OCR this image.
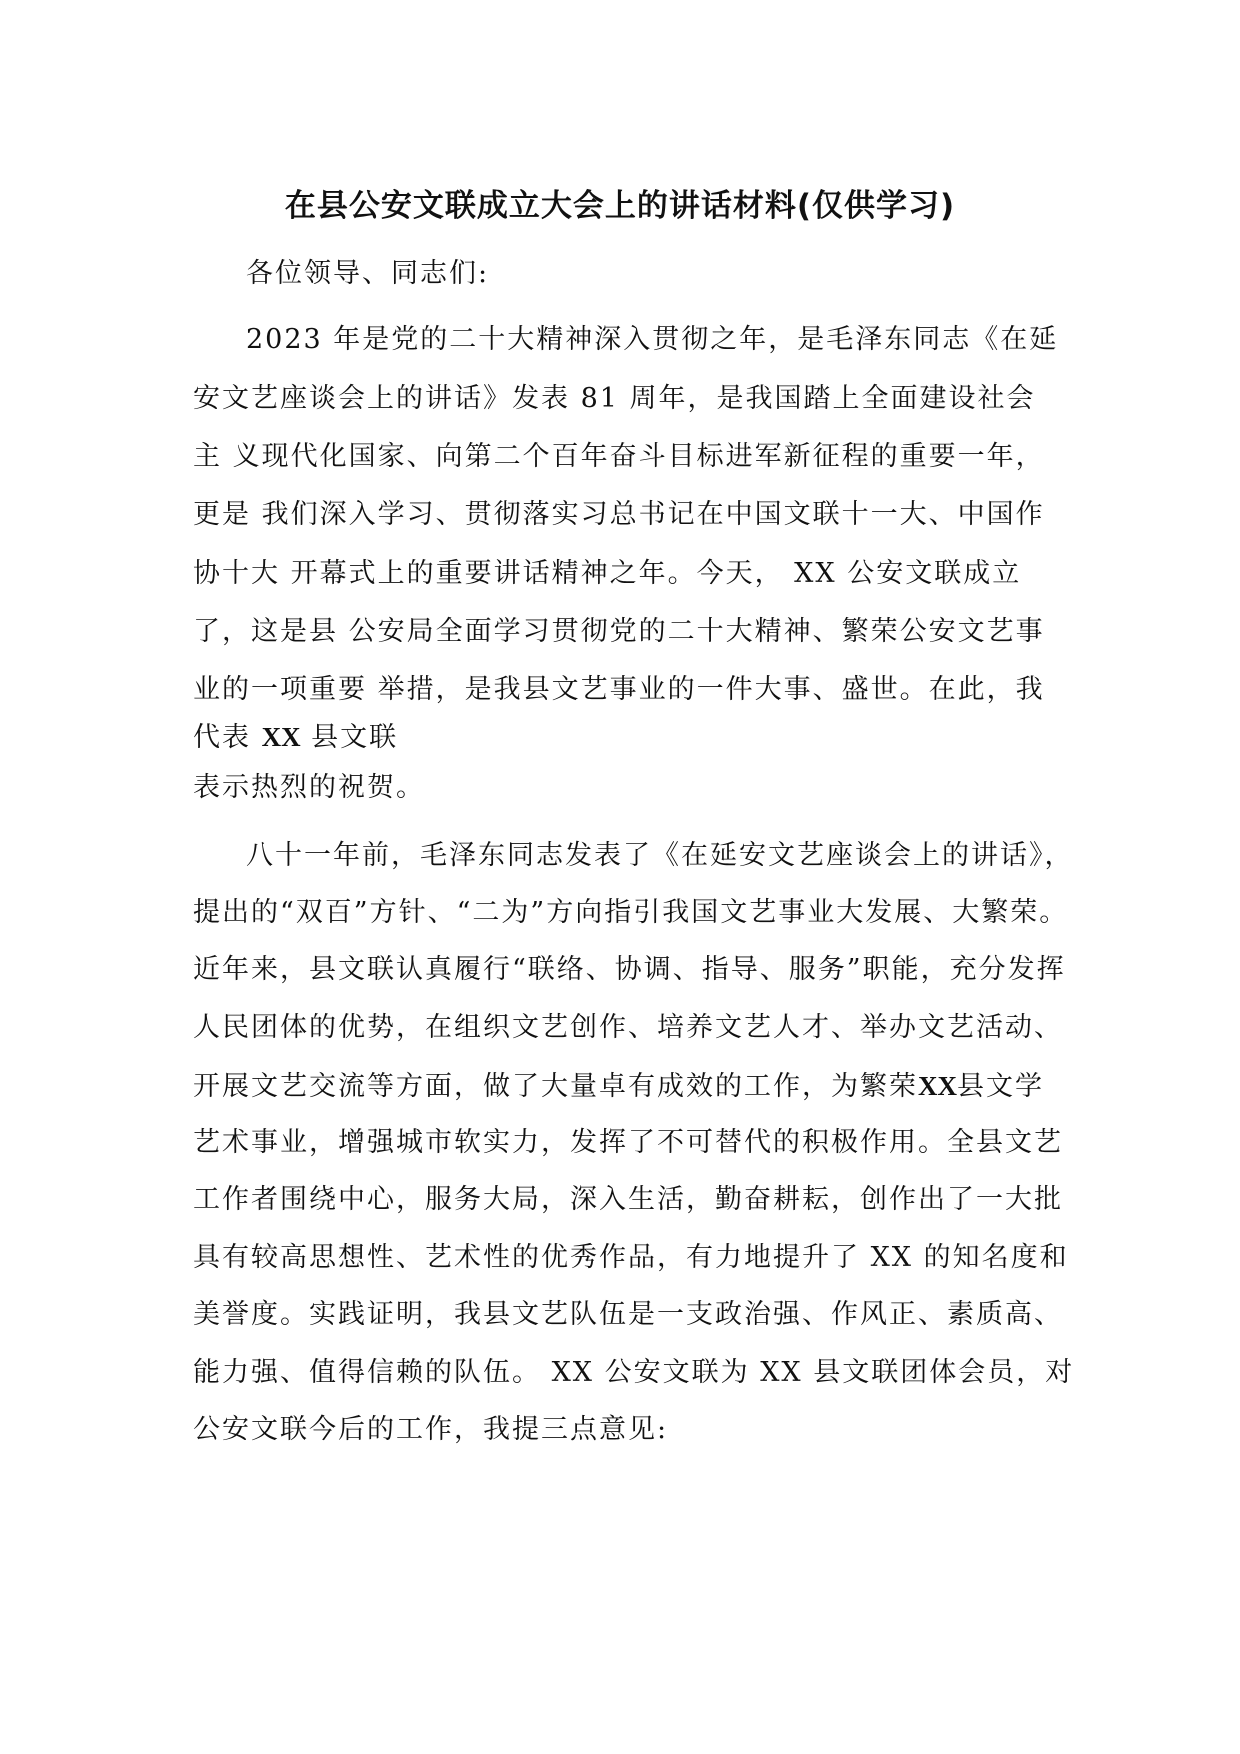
在县公安文联成立大会上的讲话材料(仅供学习)
各位领导、同志们:
2023 年是党的二十大精神深入贯彻之年，是毛泽东同志《在延
安文艺座谈会上的讲话》发表 81 周年，是我国踏上全面建设社会
主 义现代化国家、向第二个百年奋斗目标进军新征程的重要一年，
更是 我们深入学习、贯彻落实习总书记在中国文联十一大、中国作
协十大 开幕式上的重要讲话精神之年。今天， XX 公安文联成立
了，这是县 公安局全面学习贯彻党的二十大精神、繁荣公安文艺事
业的一项重要 举措，是我县文艺事业的一件大事、盛世。在此，我
代表 XX 县文联
表示热烈的祝贺。
八十一年前，毛泽东同志发表了《在延安文艺座谈会上的讲话》，
提出的“双百”方针、“二为”方向指引我国文艺事业大发展、大繁荣。
近年来，县文联认真履行“联络、协调、指导、服务”职能，充分发挥
人民团体的优势，在组织文艺创作、培养文艺人才、举办文艺活动、
开展文艺交流等方面，做了大量卓有成效的工作，为繁荣XX县文学
艺术事业，增强城市软实力，发挥了不可替代的积极作用。全县文艺
工作者围绕中心，服务大局，深入生活，勤奋耕耘，创作出了一大批
具有较高思想性、艺术性的优秀作品，有力地提升了 XX 的知名度和
美誉度。实践证明，我县文艺队伍是一支政治强、作风正、素质高、
能力强、值得信赖的队伍。 XX 公安文联为 XX 县文联团体会员，对
公安文联今后的工作，我提三点意见:
